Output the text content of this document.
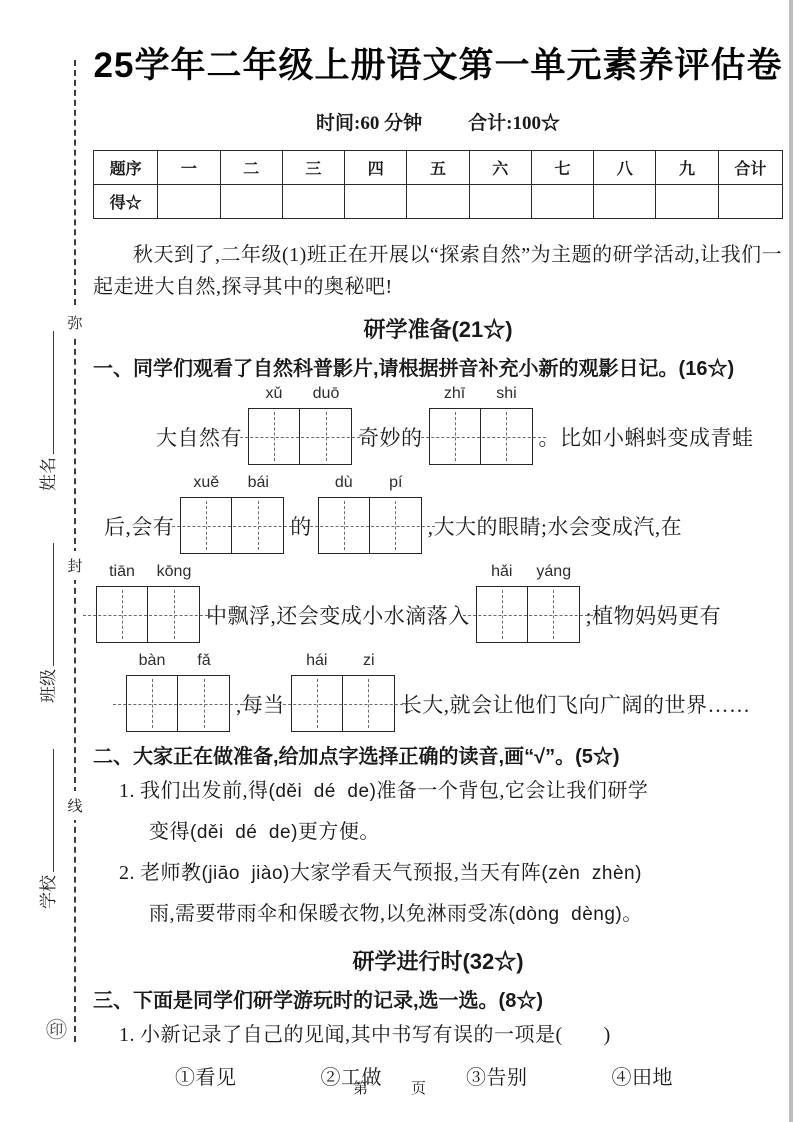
弥
封
线
姓名
班级
学校
㊞
25学年二年级上册语文第一单元素养评估卷
时间:60 分钟 合计:100☆
题序	一	二	三	四	五	六	七	八	九	合计
得☆										

秋天到了,二年级(1)班正在开展以“探索自然”为主题的研学活动,让我们一起走进大自然,探寻其中的奥秘吧!

研学准备(21☆)
一、同学们观看了自然科普影片,请根据拼音补充小新的观影日记。(16☆)
大自然有
xǔ	duō
奇妙的
zhī	shi
。比如小蝌蚪变成青蛙
后,会有
xuě	bái
的
dù	pí
,大大的眼睛;水会变成汽,在
tiān	kōng
中飘浮,还会变成小水滴落入
hǎi	yáng
;植物妈妈更有
bàn	fǎ
,每当
hái	zi
长大,就会让他们飞向广阔的世界……
二、大家正在做准备,给加点字选择正确的读音,画“√”。(5☆)
1. 我们出发前,得 •(děi  dé  de)准备一个背包,它会让我们研学
变得 •(děi  dé  de)更方便。
2. 老师教 •(jiāo  jiào)大家学看天气预报,当天有阵 •(zèn  zhèn)
雨,需要带雨伞和保暖衣物,以免淋雨受冻 •(dòng  dèng)。
研学进行时(32☆)
三、下面是同学们研学游玩时的记录,选一选。(8☆)
1. 小新记录了自己的见闻,其中书写有误的一项是(　　)
①看见	②工做	③告别	④田地
第　页
